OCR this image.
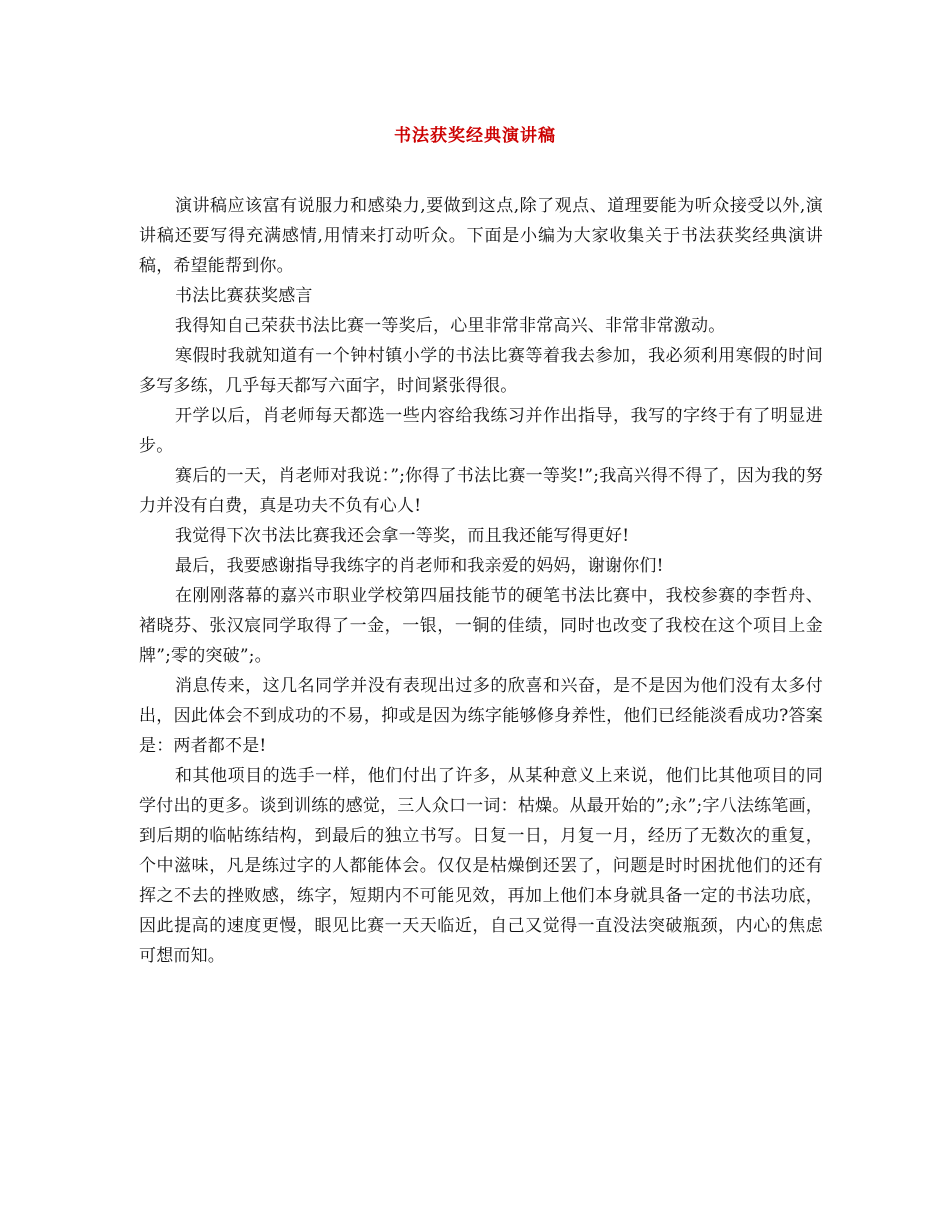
书法获奖经典演讲稿

演讲稿应该富有说服力和感染力,要做到这点,除了观点、道理要能为听众接受以外,演讲稿还要写得充满感情,用情来打动听众。下面是小编为大家收集关于书法获奖经典演讲稿，希望能帮到你。

书法比赛获奖感言

我得知自己荣获书法比赛一等奖后，心里非常非常高兴、非常非常激动。

寒假时我就知道有一个钟村镇小学的书法比赛等着我去参加，我必须利用寒假的时间多写多练，几乎每天都写六面字，时间紧张得很。

开学以后，肖老师每天都选一些内容给我练习并作出指导，我写的字终于有了明显进步。

赛后的一天，肖老师对我说：”;你得了书法比赛一等奖!”;我高兴得不得了，因为我的努力并没有白费，真是功夫不负有心人!

我觉得下次书法比赛我还会拿一等奖，而且我还能写得更好!

最后，我要感谢指导我练字的肖老师和我亲爱的妈妈，谢谢你们!

在刚刚落幕的嘉兴市职业学校第四届技能节的硬笔书法比赛中，我校参赛的李哲舟、褚晓芬、张汉宸同学取得了一金，一银，一铜的佳绩，同时也改变了我校在这个项目上金牌”;零的突破”;。

消息传来，这几名同学并没有表现出过多的欣喜和兴奋，是不是因为他们没有太多付出，因此体会不到成功的不易，抑或是因为练字能够修身养性，他们已经能淡看成功?答案是：两者都不是!

和其他项目的选手一样，他们付出了许多，从某种意义上来说，他们比其他项目的同学付出的更多。谈到训练的感觉，三人众口一词：枯燥。从最开始的”;永”;字八法练笔画，到后期的临帖练结构，到最后的独立书写。日复一日，月复一月，经历了无数次的重复，个中滋味，凡是练过字的人都能体会。仅仅是枯燥倒还罢了，问题是时时困扰他们的还有挥之不去的挫败感，练字，短期内不可能见效，再加上他们本身就具备一定的书法功底，因此提高的速度更慢，眼见比赛一天天临近，自己又觉得一直没法突破瓶颈，内心的焦虑可想而知。
